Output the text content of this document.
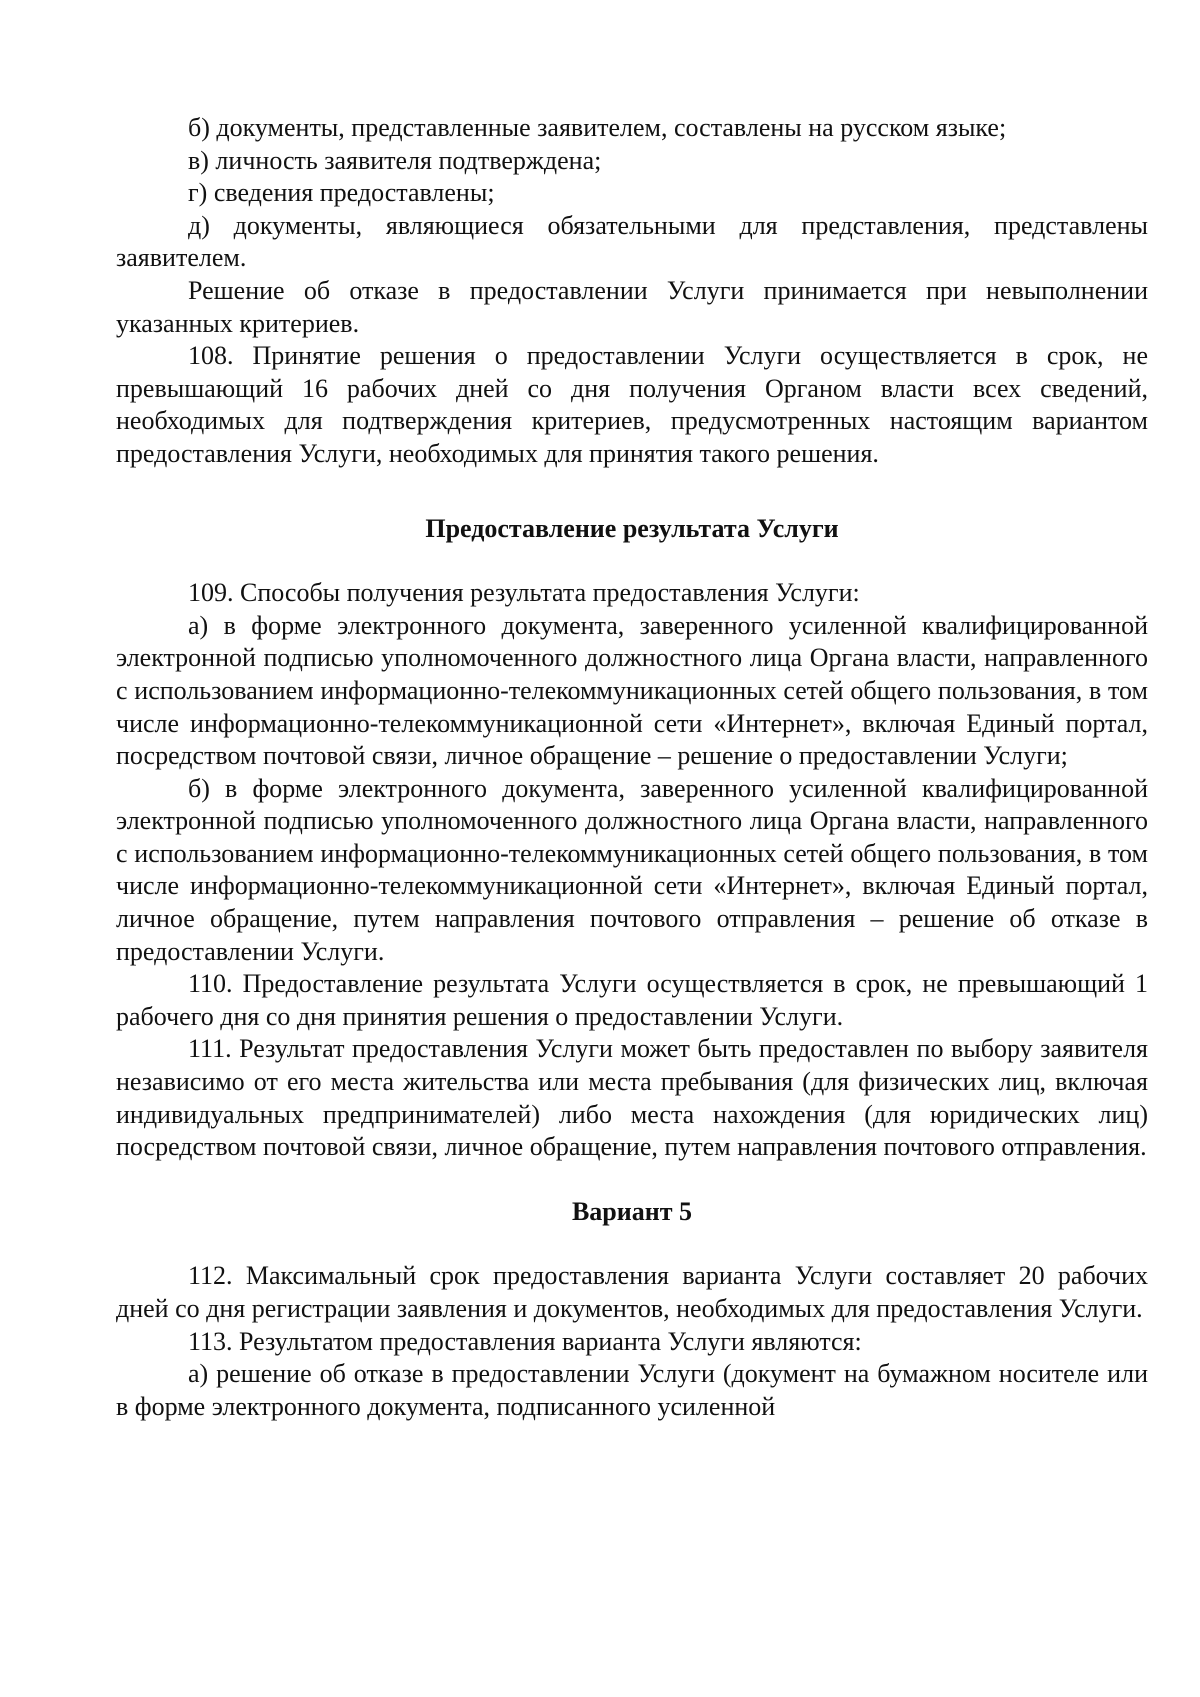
б) документы, представленные заявителем, составлены на русском языке;

в) личность заявителя подтверждена;

г) сведения предоставлены;

д) документы, являющиеся обязательными для представления, представлены заявителем.

Решение об отказе в предоставлении Услуги принимается при невыполнении указанных критериев.

108. Принятие решения о предоставлении Услуги осуществляется в срок, не превышающий 16 рабочих дней со дня получения Органом власти всех сведений, необходимых для подтверждения критериев, предусмотренных настоящим вариантом предоставления Услуги, необходимых для принятия такого решения.

Предоставление результата Услуги

109. Способы получения результата предоставления Услуги:

а) в форме электронного документа, заверенного усиленной квалифицированной электронной подписью уполномоченного должностного лица Органа власти, направленного с использованием информационно-телекоммуникационных сетей общего пользования, в том числе информационно-телекоммуникационной сети «Интернет», включая Единый портал, посредством почтовой связи, личное обращение – решение о предоставлении Услуги;

б) в форме электронного документа, заверенного усиленной квалифицированной электронной подписью уполномоченного должностного лица Органа власти, направленного с использованием информационно-телекоммуникационных сетей общего пользования, в том числе информационно-телекоммуникационной сети «Интернет», включая Единый портал, личное обращение, путем направления почтового отправления – решение об отказе в предоставлении Услуги.

110. Предоставление результата Услуги осуществляется в срок, не превышающий 1 рабочего дня со дня принятия решения о предоставлении Услуги.

111. Результат предоставления Услуги может быть предоставлен по выбору заявителя независимо от его места жительства или места пребывания (для физических лиц, включая индивидуальных предпринимателей) либо места нахождения (для юридических лиц) посредством почтовой связи, личное обращение, путем направления почтового отправления.

Вариант 5

112. Максимальный срок предоставления варианта Услуги составляет 20 рабочих дней со дня регистрации заявления и документов, необходимых для предоставления Услуги.

113. Результатом предоставления варианта Услуги являются:

а) решение об отказе в предоставлении Услуги (документ на бумажном носителе или в форме электронного документа, подписанного усиленной
